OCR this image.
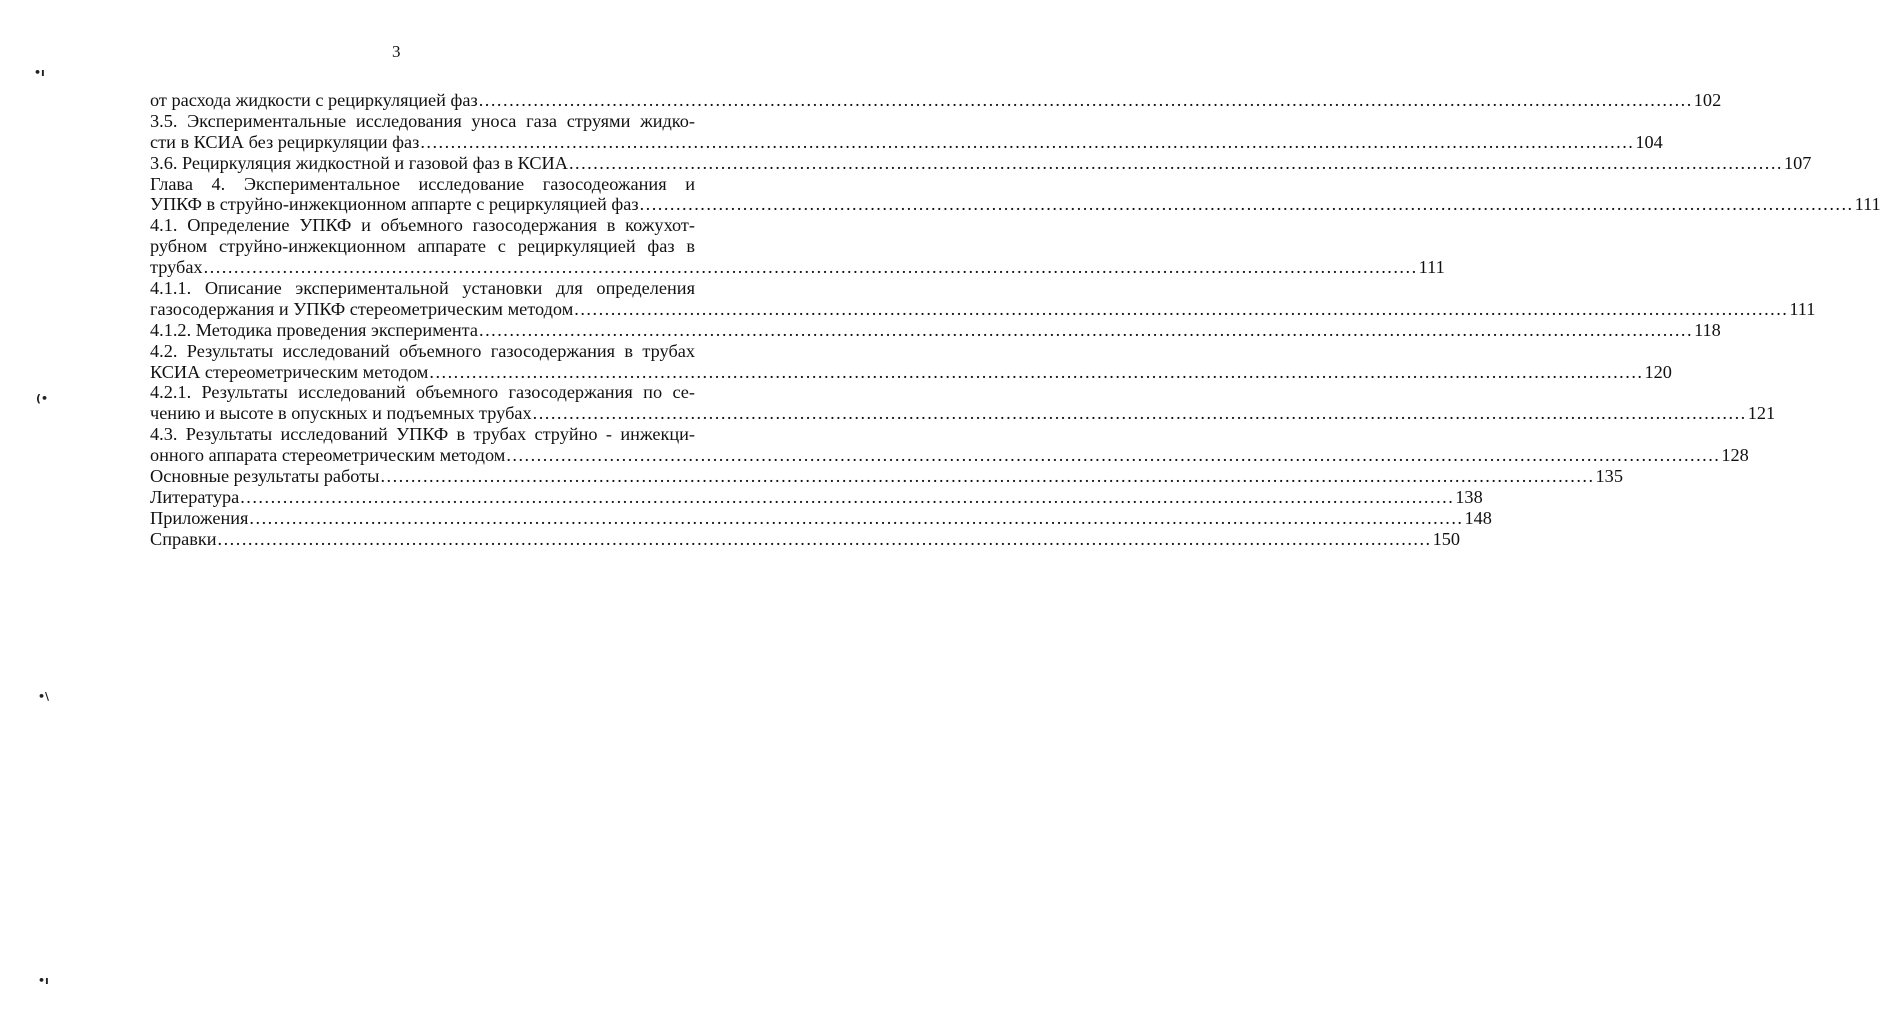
3
•ı
(•
•\
•ı
от расхода жидкости с рециркуляцией фаз ........................................................................................................................................................................................................ 102
3.5. Экспериментальные исследования уноса газа струями жидко-
сти в КСИА без рециркуляции фаз ........................................................................................................................................................................................................ 104
3.6. Рециркуляция жидкостной и газовой фаз в КСИА ........................................................................................................................................................................................................ 107
Глава 4. Экспериментальное исследование газосодеожания и
УПКФ в струйно-инжекционном аппарте с рециркуляцией фаз ........................................................................................................................................................................................................ 111
4.1. Определение УПКФ и объемного газосодержания в кожухот-
рубном струйно-инжекционном аппарате с рециркуляцией фаз в
трубах ........................................................................................................................................................................................................ 111
4.1.1. Описание экспериментальной установки для определения
газосодержания и УПКФ стереометрическим методом ........................................................................................................................................................................................................ 111
4.1.2. Методика проведения эксперимента ........................................................................................................................................................................................................ 118
4.2. Результаты исследований объемного газосодержания в трубах
КСИА стереометрическим методом ........................................................................................................................................................................................................ 120
4.2.1. Результаты исследований объемного газосодержания по се-
чению и высоте в опускных и подъемных трубах ........................................................................................................................................................................................................ 121
4.3. Результаты исследований УПКФ в трубах струйно - инжекци-
онного аппарата стереометрическим методом ........................................................................................................................................................................................................ 128
Основные результаты работы ........................................................................................................................................................................................................ 135
Литература ........................................................................................................................................................................................................ 138
Приложения ........................................................................................................................................................................................................ 148
Справки ........................................................................................................................................................................................................ 150
